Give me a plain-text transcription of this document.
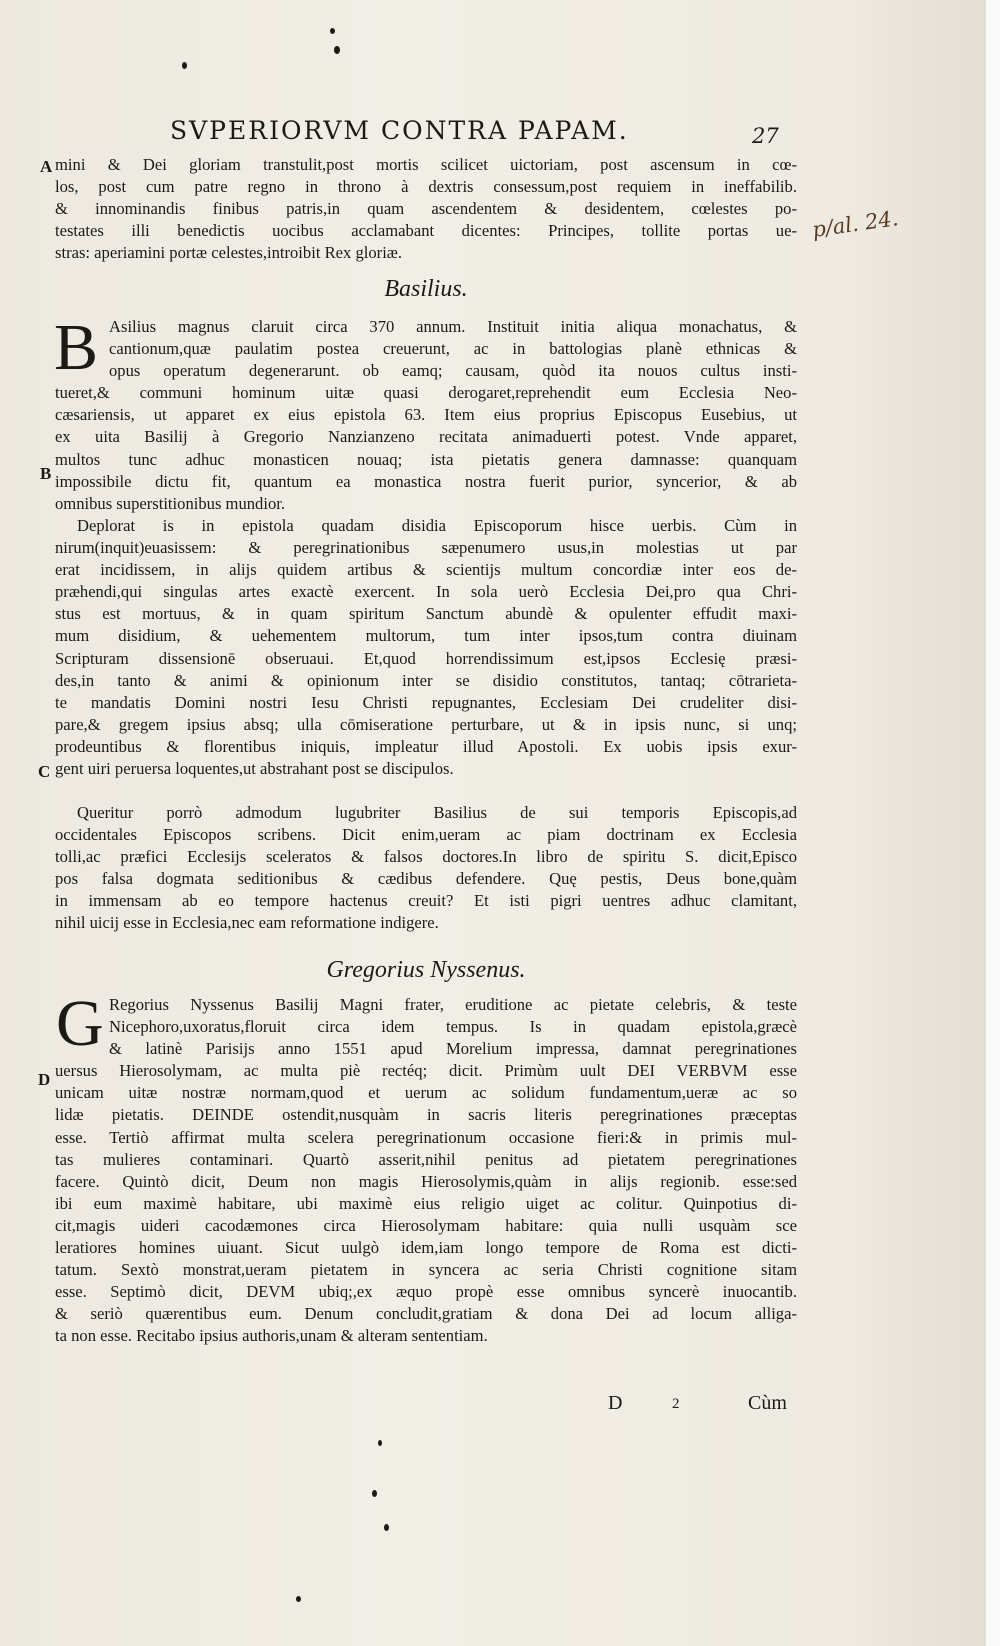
SVPERIORVM CONTRA PAPAM.	27
A
B
C
D
p/al. 24.
mini & Dei gloriam transtulit,post mortis scilicet uictoriam, post ascensum in cœ-
los, post cum patre regno in throno à dextris consessum,post requiem in ineffabilib.
& innominandis finibus patris,in quam ascendentem & desidentem, cœlestes po-
testates illi benedictis uocibus acclamabant dicentes: Principes, tollite portas ue-
stras: aperiamini portæ celestes,introibit Rex gloriæ.
Basilius.
B Asilius magnus claruit circa 370 annum. Instituit initia aliqua monachatus, &
cantionum,quæ paulatim postea creuerunt, ac in battologias planè ethnicas &
opus operatum degenerarunt. ob eamq; causam, quòd ita nouos cultus insti-
tueret,& communi hominum uitæ quasi derogaret,reprehendit eum Ecclesia Neo-
cæsariensis, ut apparet ex eius epistola 63. Item eius proprius Episcopus Eusebius, ut
ex uita Basilij à Gregorio Nanzianzeno recitata animaduerti potest. Vnde apparet,
multos tunc adhuc monasticen nouaq; ista pietatis genera damnasse: quanquam
impossibile dictu fit, quantum ea monastica nostra fuerit purior, syncerior, & ab
omnibus superstitionibus mundior.
Deplorat is in epistola quadam disidia Episcoporum hisce uerbis. Cùm in
nirum(inquit)euasissem: & peregrinationibus sæpenumero usus,in molestias ut par
erat incidissem, in alijs quidem artibus & scientijs multum concordiæ inter eos de-
præhendi,qui singulas artes exactè exercent. In sola uerò Ecclesia Dei,pro qua Chri-
stus est mortuus, & in quam spiritum Sanctum abundè & opulenter effudit maxi-
mum disidium, & uehementem multorum, tum inter ipsos,tum contra diuinam
Scripturam dissensionē obseruaui. Et,quod horrendissimum est,ipsos Ecclesię præsi-
des,in tanto & animi & opinionum inter se disidio constitutos, tantaq; cōtrarieta-
te mandatis Domini nostri Iesu Christi repugnantes, Ecclesiam Dei crudeliter disi-
pare,& gregem ipsius absq; ulla cōmiseratione perturbare, ut & in ipsis nunc, si unq;
prodeuntibus & florentibus iniquis, impleatur illud Apostoli. Ex uobis ipsis exur-
gent uiri peruersa loquentes,ut abstrahant post se discipulos.
Queritur porrò admodum lugubriter Basilius de sui temporis Episcopis,ad
occidentales Episcopos scribens. Dicit enim,ueram ac piam doctrinam ex Ecclesia
tolli,ac præfici Ecclesijs sceleratos & falsos doctores.In libro de spiritu S. dicit,Episco
pos falsa dogmata seditionibus & cædibus defendere. Quę pestis, Deus bone,quàm
in immensam ab eo tempore hactenus creuit? Et isti pigri uentres adhuc clamitant,
nihil uicij esse in Ecclesia,nec eam reformatione indigere.
Gregorius Nyssenus.
G Regorius Nyssenus Basilij Magni frater, eruditione ac pietate celebris, & teste
Nicephoro,uxoratus,floruit circa idem tempus. Is in quadam epistola,græcè
& latinè Parisijs anno 1551 apud Morelium impressa, damnat peregrinationes
uersus Hierosolymam, ac multa piè rectéq; dicit. Primùm uult DEI VERBVM esse
unicam uitæ nostræ normam,quod et uerum ac solidum fundamentum,ueræ ac so
lidæ pietatis. DEINDE ostendit,nusquàm in sacris literis peregrinationes præceptas
esse. Tertiò affirmat multa scelera peregrinationum occasione fieri:& in primis mul-
tas mulieres contaminari. Quartò asserit,nihil penitus ad pietatem peregrinationes
facere. Quintò dicit, Deum non magis Hierosolymis,quàm in alijs regionib. esse:sed
ibi eum maximè habitare, ubi maximè eius religio uiget ac colitur. Quinpotius di-
cit,magis uideri cacodæmones circa Hierosolymam habitare: quia nulli usquàm sce
leratiores homines uiuant. Sicut uulgò idem,iam longo tempore de Roma est dicti-
tatum. Sextò monstrat,ueram pietatem in syncera ac seria Christi cognitione sitam
esse. Septimò dicit, DEVM ubiq;,ex æquo propè esse omnibus syncerè inuocantib.
& seriò quærentibus eum. Denum concludit,gratiam & dona Dei ad locum alliga-
ta non esse. Recitabo ipsius authoris,unam & alteram sententiam.
D	2	Cùm
